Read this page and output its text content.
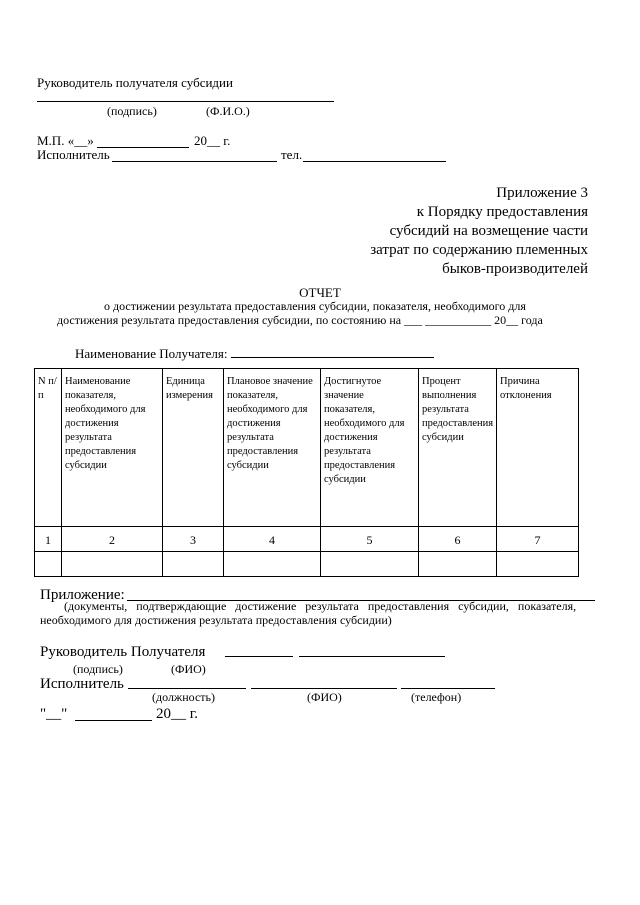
Руководитель получателя субсидии
(подпись)	(Ф.И.О.)
М.П. «__»	20__ г.
Исполнитель	тел.
Приложение 3
к Порядку предоставления
субсидий на возмещение части
затрат по содержанию племенных
быков-производителей
ОТЧЕТ
о достижении результата предоставления субсидии, показателя, необходимого для
достижения результата предоставления субсидии, по состоянию на ___ ___________ 20__ года
Наименование Получателя:
N п/п	Наименование показателя, необходимого для достижения результата предоставления субсидии	Единица измерения	Плановое значение показателя, необходимого для достижения результата предоставления субсидии	Достигнутое значение показателя, необходимого для достижения результата предоставления субсидии	Процент выполнения результата предоставления субсидии	Причина отклонения
1	2	3	4	5	6	7

Приложение:
(документы, подтверждающие достижение результата предоставления субсидии, показателя,
необходимого для достижения результата предоставления субсидии)
Руководитель Получателя
(подпись)	(ФИО)
Исполнитель
(должность)	(ФИО)	(телефон)
"__"	20__ г.
